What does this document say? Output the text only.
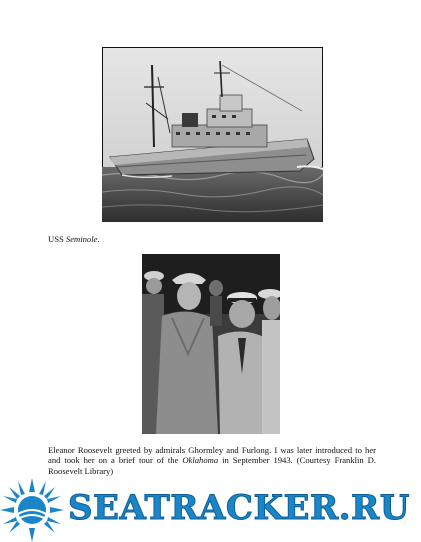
USS Seminole.

Eleanor Roosevelt greeted by admirals Ghormley and Furlong. I was later introduced to her and took her on a brief tour of the Oklahoma in September 1943. (Courtesy Franklin D. Roosevelt Library)

SEATRACKER.RU
